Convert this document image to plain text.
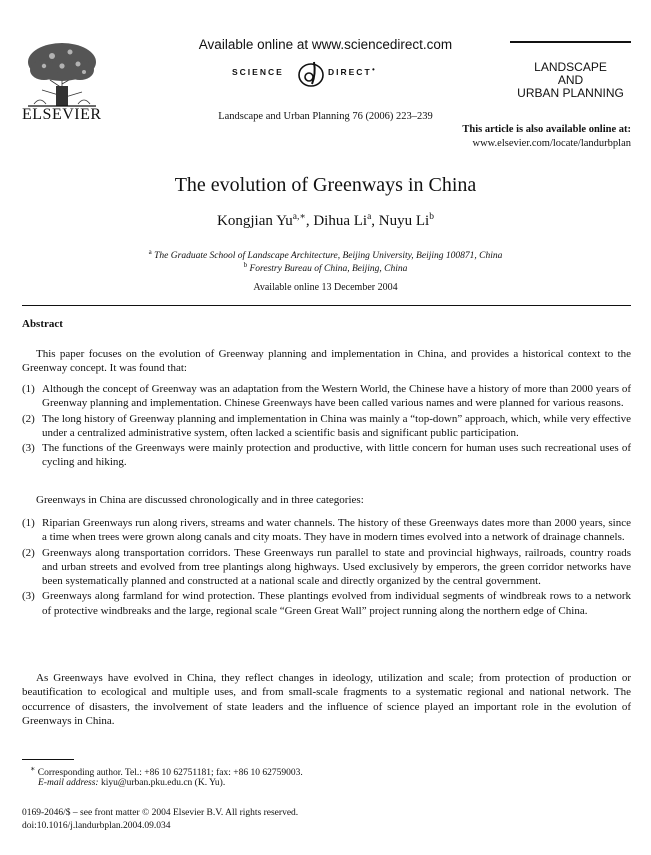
ELSEVIER
Available online at www.sciencedirect.com
SCIENCE	DIRECT •
Landscape and Urban Planning 76 (2006) 223–239
LANDSCAPE
AND
URBAN PLANNING
This article is also available online at:
www.elsevier.com/locate/landurbplan
The evolution of Greenways in China
Kongjian $Yu^{a,∗}$, Dihua Li$^a$, Nuyu Li$^b$
$^a$ The Graduate School of Landscape Architecture, Beijing University, Beijing 100871, China
$^b$ Forestry Bureau of China, Beijing, China
Available online 13 December 2004
Abstract
This paper focuses on the evolution of Greenway planning and implementation in China, and provides a historical context to the Greenway concept. It was found that:
(1) Although the concept of Greenway was an adaptation from the Western World, the Chinese have a history of more than 2000 years of Greenway planning and implementation. Chinese Greenways have been called various names and were planned for various reasons.
(2) The long history of Greenway planning and implementation in China was mainly a “top-down” approach, which, while very effective under a centralized administrative system, often lacked a scientific basis and significant public participation.
(3) The functions of the Greenways were mainly protection and productive, with little concern for human uses such recreational uses of cycling and hiking.
Greenways in China are discussed chronologically and in three categories:
(1) Riparian Greenways run along rivers, streams and water channels. The history of these Greenways dates more than 2000 years, since a time when trees were grown along canals and city moats. They have in modern times evolved into a network of drainage channels.
(2) Greenways along transportation corridors. These Greenways run parallel to state and provincial highways, railroads, country roads and urban streets and evolved from tree plantings along highways. Used exclusively by emperors, the green corridor networks have been systematically planned and constructed at a national scale and directly organized by the central government.
(3) Greenways along farmland for wind protection. These plantings evolved from individual segments of windbreak rows to a network of protective windbreaks and the large, regional scale “Green Great Wall” project running along the northern edge of China.
As Greenways have evolved in China, they reflect changes in ideology, utilization and scale; from protection of production or beautification to ecological and multiple uses, and from small-scale fragments to a systematic regional and national network. The occurrence of disasters, the involvement of state leaders and the influence of science played an important role in the evolution of Greenways in China.
∗ Corresponding author. Tel.: +86 10 62751181; fax: +86 10 62759003.
E-mail address: kiyu@urban.pku.edu.cn (K. Yu).
0169-2046/$ – see front matter © 2004 Elsevier B.V. All rights reserved.
doi:10.1016/j.landurbplan.2004.09.034
